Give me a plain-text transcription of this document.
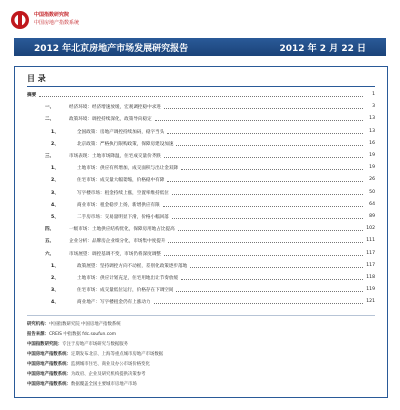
中国指数研究院
中国房地产指数系统
2012 年北京房地产市场发展研究报告	2012 年 2 月 22 日
目 录
摘要	1
一、	经济环境：经济增速放缓，宏观调控稳中求进	3
二、	政策环境：调控持续深化，政策导向稳定	13
1、	全国政策：房地产调控持续加码，稳字当头	13
2、	北京政策：严格执行限购政策，保障房建设加速	16
三、	市场表现：土地市场降温，住宅成交量价齐跌	19
1、	土地市场：供应有所增加，成交面积与出让金双降	19
2、	住宅市场：成交量大幅萎缩，价格稳中有降	26
3、	写字楼市场：租金持续上涨，空置率维持低位	50
4、	商业市场：租金稳步上扬，新增供应有限	64
5、	二手房市场：交易量明显下滑，价格小幅回落	89
四、	一级市场：土地供应结构优化，保障房用地占比提高	102
五、	企业分析：品牌房企业绩分化，市场集中度提升	111
六、	市场展望：调控基调不变，市场仍将深度调整	117
1、	政策展望：坚持调控方向不动摇，差别化政策逐步落地	117
2、	土地市场：供应计划充足，住宅用地出让节奏放缓	118
3、	住宅市场：成交量低位运行，价格存在下调空间	119
4、	商业地产：写字楼租金仍有上涨动力	121
研究机构：中国指数研究院 中国房地产指数系统
报告来源：CREIS 中指数据 fdc.soufun.com
中国指数研究院：专注于房地产市场研究与数据服务
中国房地产指数系统：定期发布北京、上海等重点城市房地产市场数据
中国房地产指数系统：监测城市住宅、商业及办公市场价格变化
中国房地产指数系统：为政府、企业及研究机构提供决策参考
中国房地产指数系统：数据覆盖全国主要城市房地产市场
